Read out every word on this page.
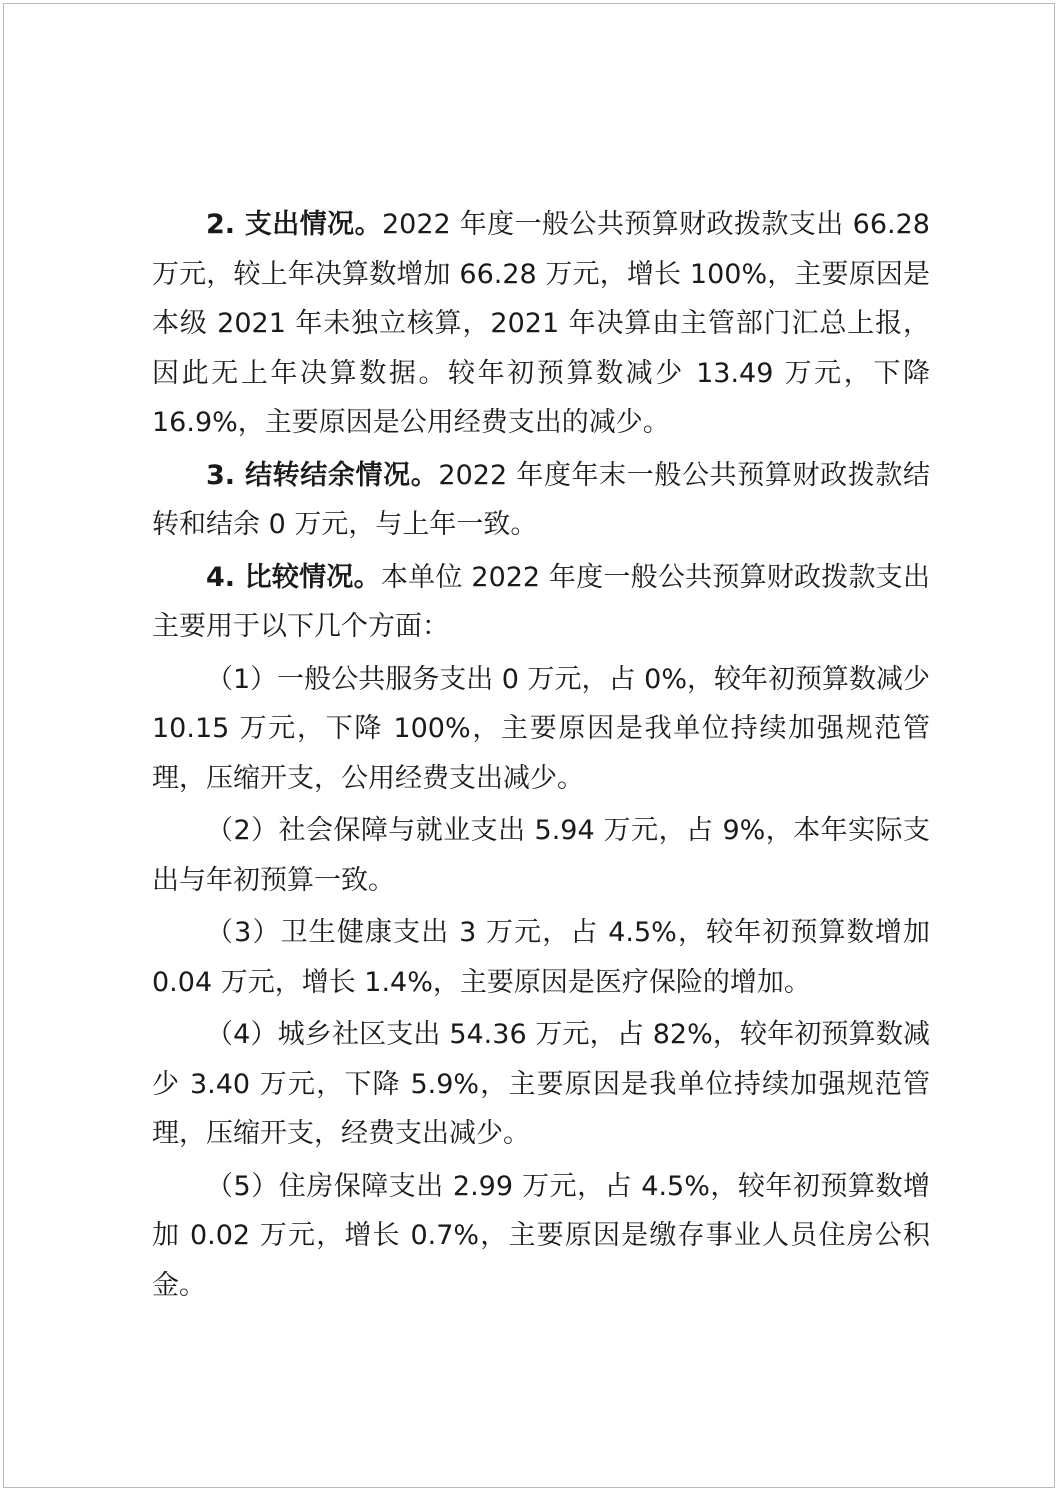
2. 支出情况。2022 年度一般公共预算财政拨款支出 66.28 万元，较上年决算数增加 66.28 万元，增长 100%，主要原因是本级 2021 年未独立核算，2021 年决算由主管部门汇总上报，因此无上年决算数据。较年初预算数减少 13.49 万元，下降 16.9%，主要原因是公用经费支出的减少。

3. 结转结余情况。2022 年度年末一般公共预算财政拨款结转和结余 0 万元，与上年一致。

4. 比较情况。本单位 2022 年度一般公共预算财政拨款支出主要用于以下几个方面：

（1）一般公共服务支出 0 万元，占 0%，较年初预算数减少 10.15 万元，下降 100%，主要原因是我单位持续加强规范管理，压缩开支，公用经费支出减少。

（2）社会保障与就业支出 5.94 万元，占 9%，本年实际支出与年初预算一致。

（3）卫生健康支出 3 万元，占 4.5%，较年初预算数增加 0.04 万元，增长 1.4%，主要原因是医疗保险的增加。

（4）城乡社区支出 54.36 万元，占 82%，较年初预算数减少 3.40 万元，下降 5.9%，主要原因是我单位持续加强规范管理，压缩开支，经费支出减少。

（5）住房保障支出 2.99 万元，占 4.5%，较年初预算数增加 0.02 万元，增长 0.7%，主要原因是缴存事业人员住房公积金。
